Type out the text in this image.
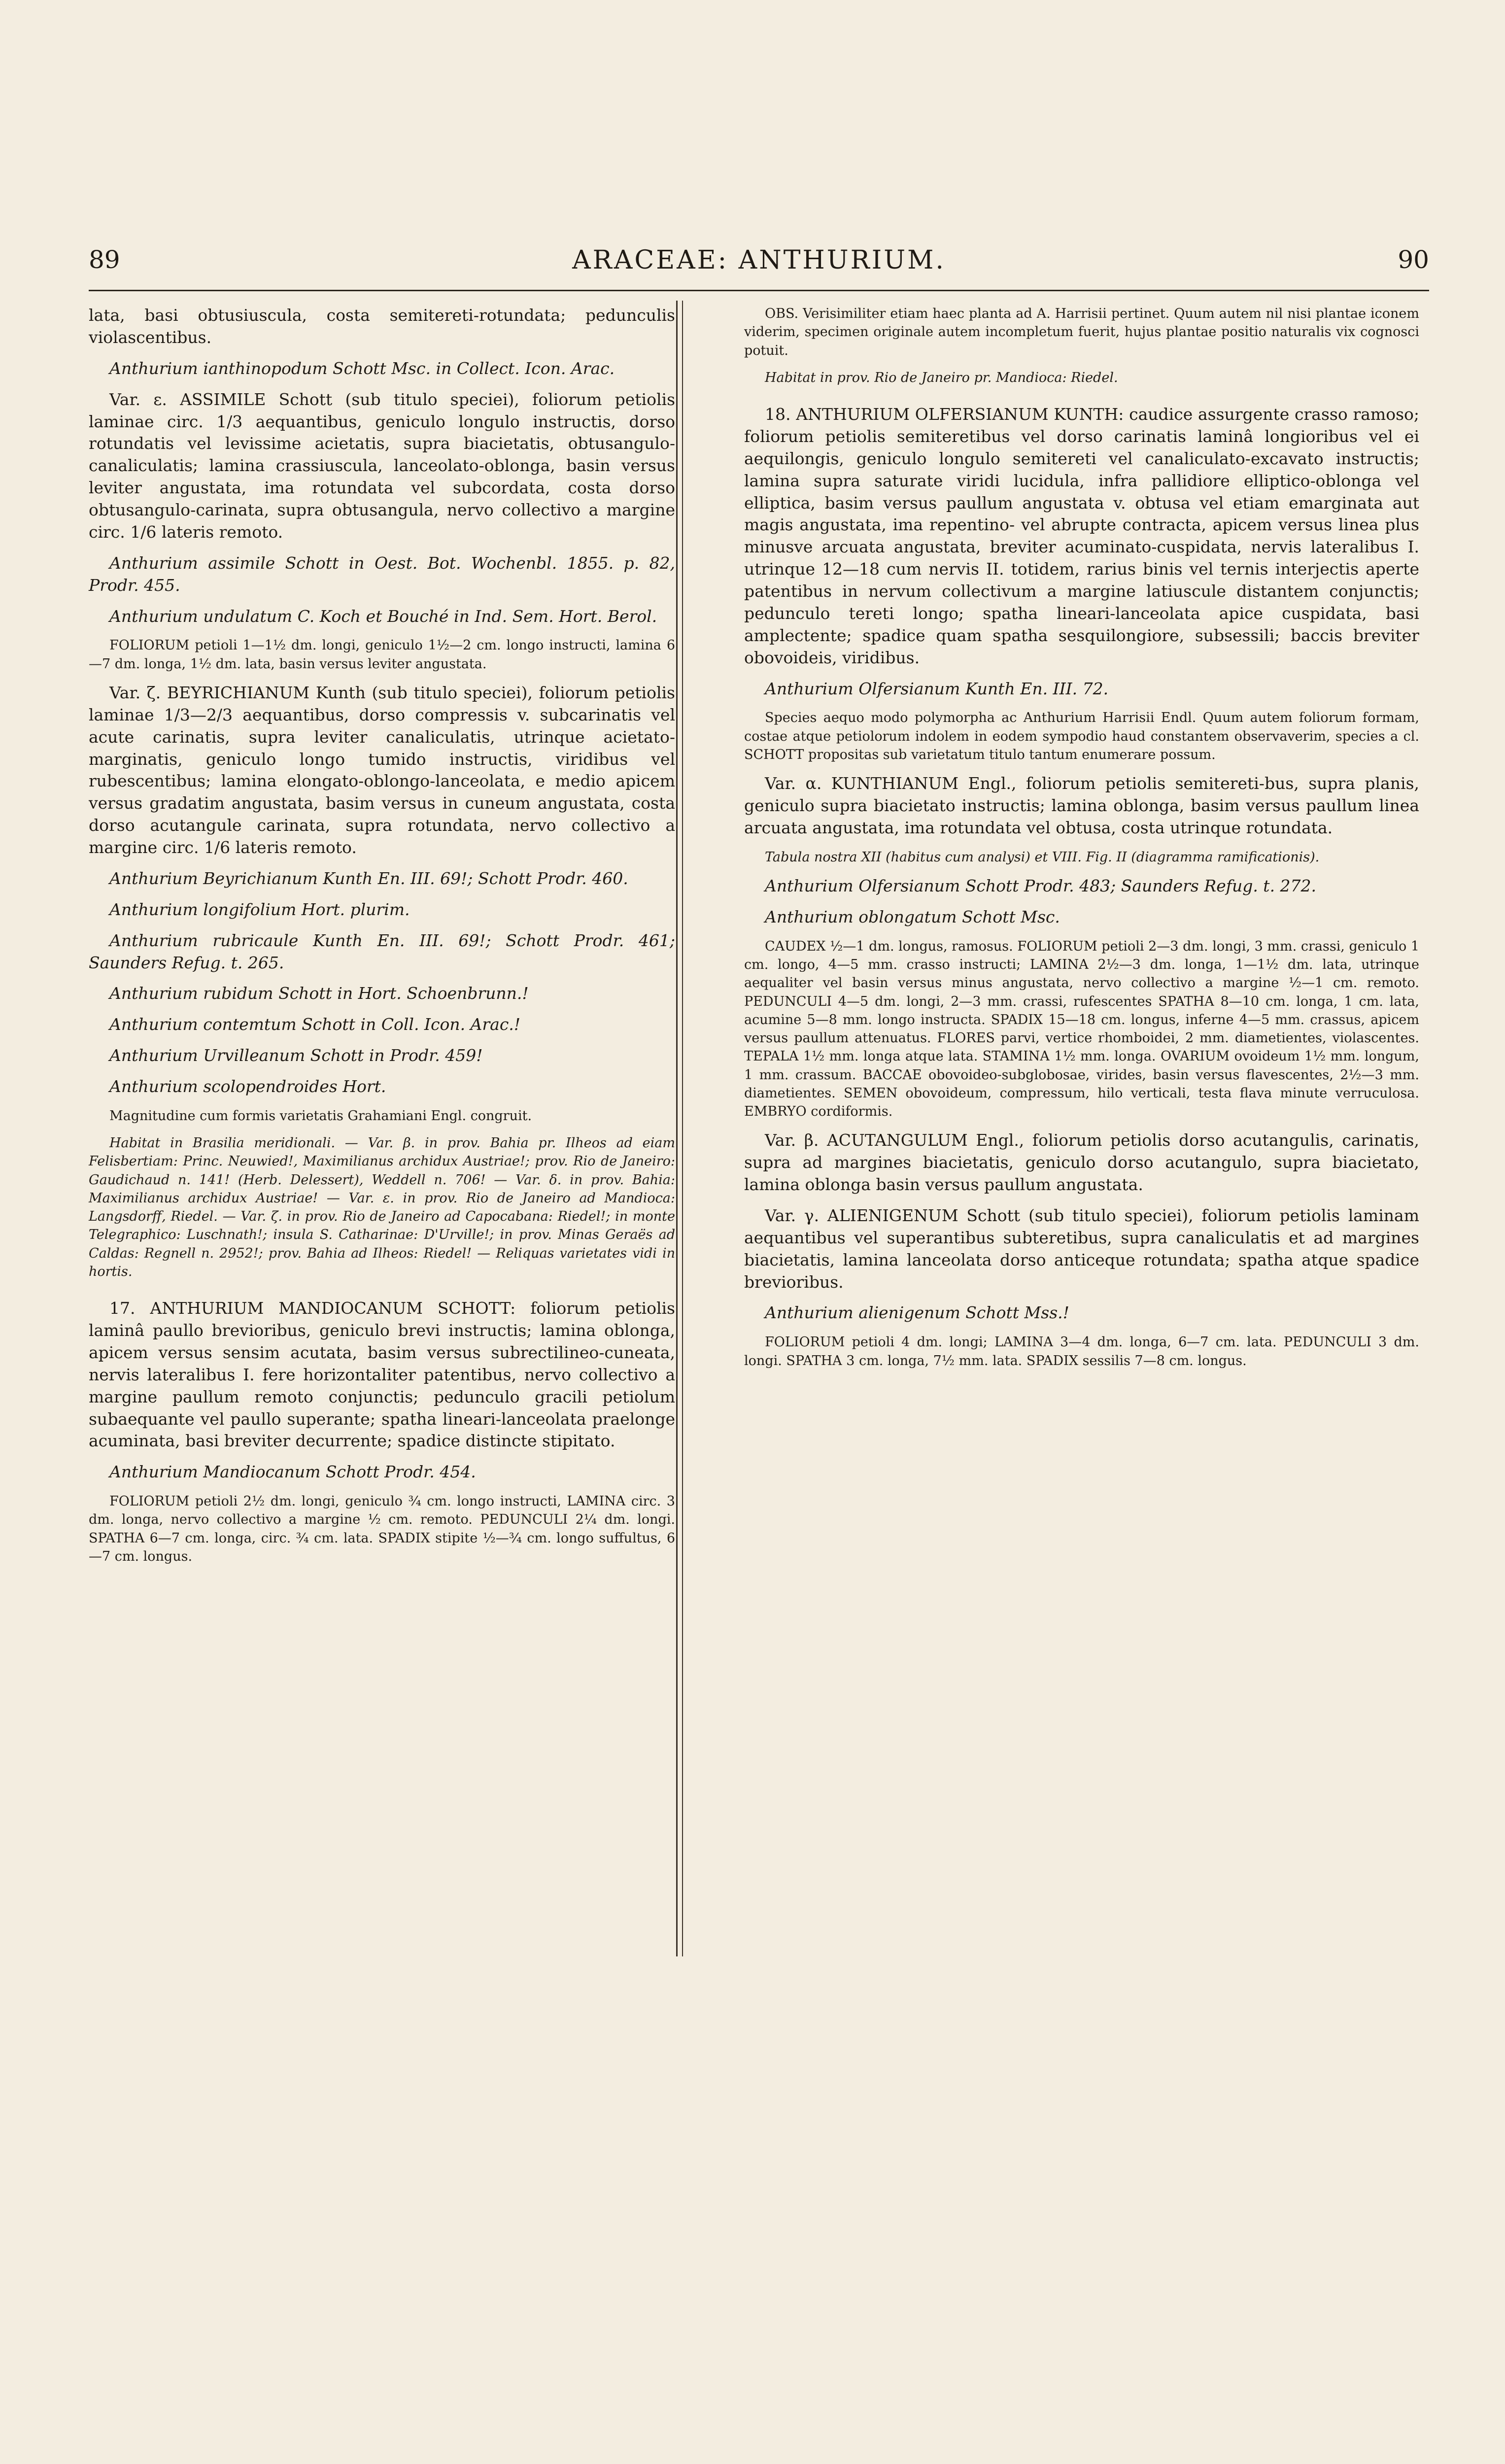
89	ARACEAE: ANTHURIUM.	90

lata, basi obtusiuscula, costa semitereti-rotundata; pedunculis violascentibus.

Anthurium ianthinopodum Schott Msc. in Collect. Icon. Arac.

Var. ε. ASSIMILE Schott (sub titulo speciei), foliorum petiolis laminae circ. 1/3 aequantibus, geniculo longulo instructis, dorso rotundatis vel levissime acietatis, supra biacietatis, obtusangulo-canaliculatis; lamina crassiuscula, lanceolato-oblonga, basin versus leviter angustata, ima rotundata vel subcordata, costa dorso obtusangulo-carinata, supra obtusangula, nervo collectivo a margine circ. 1/6 lateris remoto.

Anthurium assimile Schott in Oest. Bot. Wochenbl. 1855. p. 82, Prodr. 455.

Anthurium undulatum C. Koch et Bouché in Ind. Sem. Hort. Berol.

FOLIORUM petioli 1—1½ dm. longi, geniculo 1½—2 cm. longo instructi, lamina 6—7 dm. longa, 1½ dm. lata, basin versus leviter angustata.

Var. ζ. BEYRICHIANUM Kunth (sub titulo speciei), foliorum petiolis laminae 1/3—2/3 aequantibus, dorso compressis v. subcarinatis vel acute carinatis, supra leviter canaliculatis, utrinque acietato-marginatis, geniculo longo tumido instructis, viridibus vel rubescentibus; lamina elongato-oblongo-lanceolata, e medio apicem versus gradatim angustata, basim versus in cuneum angustata, costa dorso acutangule carinata, supra rotundata, nervo collectivo a margine circ. 1/6 lateris remoto.

Anthurium Beyrichianum Kunth En. III. 69!; Schott Prodr. 460.

Anthurium longifolium Hort. plurim.

Anthurium rubricaule Kunth En. III. 69!; Schott Prodr. 461; Saunders Refug. t. 265.

Anthurium rubidum Schott in Hort. Schoenbrunn.!

Anthurium contemtum Schott in Coll. Icon. Arac.!

Anthurium Urvilleanum Schott in Prodr. 459!

Anthurium scolopendroides Hort.

Magnitudine cum formis varietatis Grahamiani Engl. congruit.

Habitat in Brasilia meridionali. — Var. β. in prov. Bahia pr. Ilheos ad eiam Felisbertiam: Princ. Neuwied!, Maximilianus archidux Austriae!; prov. Rio de Janeiro: Gaudichaud n. 141! (Herb. Delessert), Weddell n. 706! — Var. δ. in prov. Bahia: Maximilianus archidux Austriae! — Var. ε. in prov. Rio de Janeiro ad Mandioca: Langsdorff, Riedel. — Var. ζ. in prov. Rio de Janeiro ad Capocabana: Riedel!; in monte Telegraphico: Luschnath!; insula S. Catharinae: D'Urville!; in prov. Minas Geraës ad Caldas: Regnell n. 2952!; prov. Bahia ad Ilheos: Riedel! — Reliquas varietates vidi in hortis.

17. ANTHURIUM MANDIOCANUM SCHOTT: foliorum petiolis laminâ paullo brevioribus, geniculo brevi instructis; lamina oblonga, apicem versus sensim acutata, basim versus subrectilineo-cuneata, nervis lateralibus I. fere horizontaliter patentibus, nervo collectivo a margine paullum remoto conjunctis; pedunculo gracili petiolum subaequante vel paullo superante; spatha lineari-lanceolata praelonge acuminata, basi breviter decurrente; spadice distincte stipitato.

Anthurium Mandiocanum Schott Prodr. 454.

FOLIORUM petioli 2½ dm. longi, geniculo ¾ cm. longo instructi, LAMINA circ. 3 dm. longa, nervo collectivo a margine ½ cm. remoto. PEDUNCULI 2¼ dm. longi. SPATHA 6—7 cm. longa, circ. ¾ cm. lata. SPADIX stipite ½—¾ cm. longo suffultus, 6—7 cm. longus.

OBS. Verisimiliter etiam haec planta ad A. Harrisii pertinet. Quum autem nil nisi plantae iconem viderim, specimen originale autem incompletum fuerit, hujus plantae positio naturalis vix cognosci potuit.

Habitat in prov. Rio de Janeiro pr. Mandioca: Riedel.

18. ANTHURIUM OLFERSIANUM KUNTH: caudice assurgente crasso ramoso; foliorum petiolis semiteretibus vel dorso carinatis laminâ longioribus vel ei aequilongis, geniculo longulo semitereti vel canaliculato-excavato instructis; lamina supra saturate viridi lucidula, infra pallidiore elliptico-oblonga vel elliptica, basim versus paullum angustata v. obtusa vel etiam emarginata aut magis angustata, ima repentino- vel abrupte contracta, apicem versus linea plus minusve arcuata angustata, breviter acuminato-cuspidata, nervis lateralibus I. utrinque 12—18 cum nervis II. totidem, rarius binis vel ternis interjectis aperte patentibus in nervum collectivum a margine latiuscule distantem conjunctis; pedunculo tereti longo; spatha lineari-lanceolata apice cuspidata, basi amplectente; spadice quam spatha sesquilongiore, subsessili; baccis breviter obovoideis, viridibus.

Anthurium Olfersianum Kunth En. III. 72.

Species aequo modo polymorpha ac Anthurium Harrisii Endl. Quum autem foliorum formam, costae atque petiolorum indolem in eodem sympodio haud constantem observaverim, species a cl. SCHOTT propositas sub varietatum titulo tantum enumerare possum.

Var. α. KUNTHIANUM Engl., foliorum petiolis semitereti-bus, supra planis, geniculo supra biacietato instructis; lamina oblonga, basim versus paullum linea arcuata angustata, ima rotundata vel obtusa, costa utrinque rotundata.

Tabula nostra XII (habitus cum analysi) et VIII. Fig. II (diagramma ramificationis).

Anthurium Olfersianum Schott Prodr. 483; Saunders Refug. t. 272.

Anthurium oblongatum Schott Msc.

CAUDEX ½—1 dm. longus, ramosus. FOLIORUM petioli 2—3 dm. longi, 3 mm. crassi, geniculo 1 cm. longo, 4—5 mm. crasso instructi; LAMINA 2½—3 dm. longa, 1—1½ dm. lata, utrinque aequaliter vel basin versus minus angustata, nervo collectivo a margine ½—1 cm. remoto. PEDUNCULI 4—5 dm. longi, 2—3 mm. crassi, rufescentes SPATHA 8—10 cm. longa, 1 cm. lata, acumine 5—8 mm. longo instructa. SPADIX 15—18 cm. longus, inferne 4—5 mm. crassus, apicem versus paullum attenuatus. FLORES parvi, vertice rhomboidei, 2 mm. diametientes, violascentes. TEPALA 1½ mm. longa atque lata. STAMINA 1½ mm. longa. OVARIUM ovoideum 1½ mm. longum, 1 mm. crassum. BACCAE obovoideo-subglobosae, virides, basin versus flavescentes, 2½—3 mm. diametientes. SEMEN obovoideum, compressum, hilo verticali, testa flava minute verruculosa. EMBRYO cordiformis.

Var. β. ACUTANGULUM Engl., foliorum petiolis dorso acutangulis, carinatis, supra ad margines biacietatis, geniculo dorso acutangulo, supra biacietato, lamina oblonga basin versus paullum angustata.

Var. γ. ALIENIGENUM Schott (sub titulo speciei), foliorum petiolis laminam aequantibus vel superantibus subteretibus, supra canaliculatis et ad margines biacietatis, lamina lanceolata dorso anticeque rotundata; spatha atque spadice brevioribus.

Anthurium alienigenum Schott Mss.!

FOLIORUM petioli 4 dm. longi; LAMINA 3—4 dm. longa, 6—7 cm. lata. PEDUNCULI 3 dm. longi. SPATHA 3 cm. longa, 7½ mm. lata. SPADIX sessilis 7—8 cm. longus.
